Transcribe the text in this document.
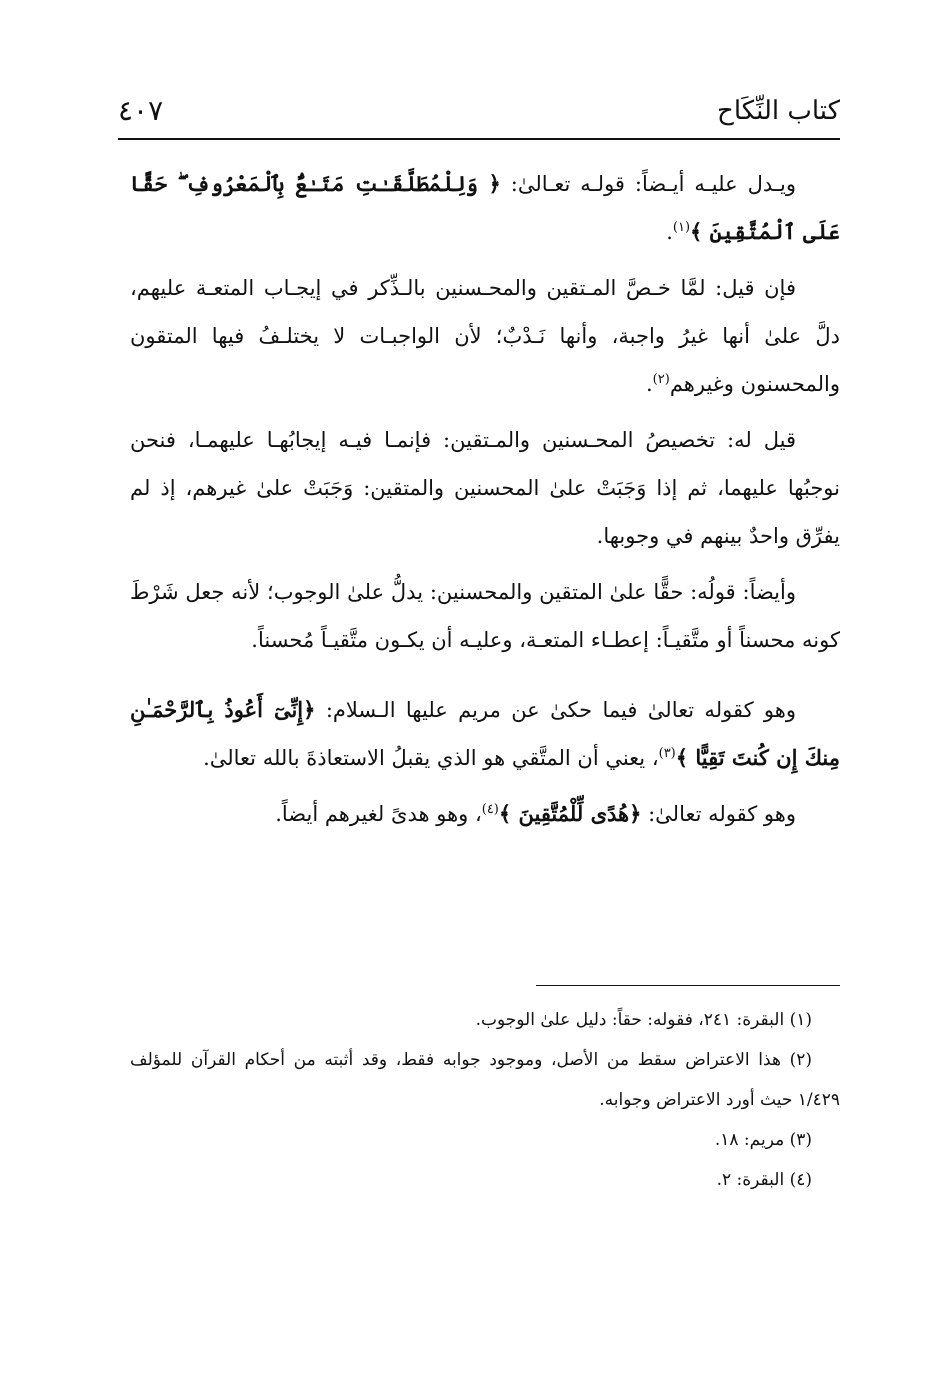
كتاب النِّكَاح
٤٠٧

ويـدل عليـه أيـضاً: قولـه تعـالىٰ: ﴿ وَلِلْمُطَلَّقَـٰتِ مَتَـٰعٌۢ بِٱلْمَعْرُوفِ ۖ حَقًّا عَلَى ٱلْمُتَّقِينَ ﴾$^{(١)}$.

فإن قيل: لمَّا خـصَّ المـتقين والمحـسنين بالـذِّكر في إيجـاب المتعـة عليهم، دلَّ علىٰ أنها غيرُ واجبة، وأنها نَـدْبٌ؛ لأن الواجبـات لا يختلـفُ فيها المتقون والمحسنون وغيرهم$^{(٢)}$.

قيل له: تخصيصُ المحـسنين والمـتقين: فإنمـا فيـه إيجابُهـا عليهمـا، فنحن نوجبُها عليهما، ثم إذا وَجَبَتْ علىٰ المحسنين والمتقين: وَجَبَتْ علىٰ غيرهم، إذ لم يفرِّق واحدٌ بينهم في وجوبها.

وأيضاً: قولُه: حقًّا علىٰ المتقين والمحسنين: يدلُّ علىٰ الوجوب؛ لأنه جعل شَرْطَ كونه محسناً أو متَّقيـاً: إعطـاء المتعـة، وعليـه أن يكـون متَّقيـاً مُحسناً.

وهو كقوله تعالىٰ فيما حكىٰ عن مريم عليها الـسلام: ﴿إِنِّىٓ أَعُوذُ بِٱلرَّحْمَـٰنِ مِنكَ إِن كُنتَ تَقِيًّا ﴾$^{(٣)}$، يعني أن المتَّقي هو الذي يقبلُ الاستعاذةَ بالله تعالىٰ.

وهو كقوله تعالىٰ: ﴿هُدًى لِّلْمُتَّقِينَ ﴾$^{(٤)}$، وهو هدىً لغيرهم أيضاً.

(١) البقرة: ٢٤١، فقوله: حقاً: دليل علىٰ الوجوب.

(٢) هذا الاعتراض سقط من الأصل، وموجود جوابه فقط، وقد أثبته من أحكام القرآن للمؤلف ١/٤٢٩ حيث أورد الاعتراض وجوابه.

(٣) مريم: ١٨.

(٤) البقرة: ٢.
